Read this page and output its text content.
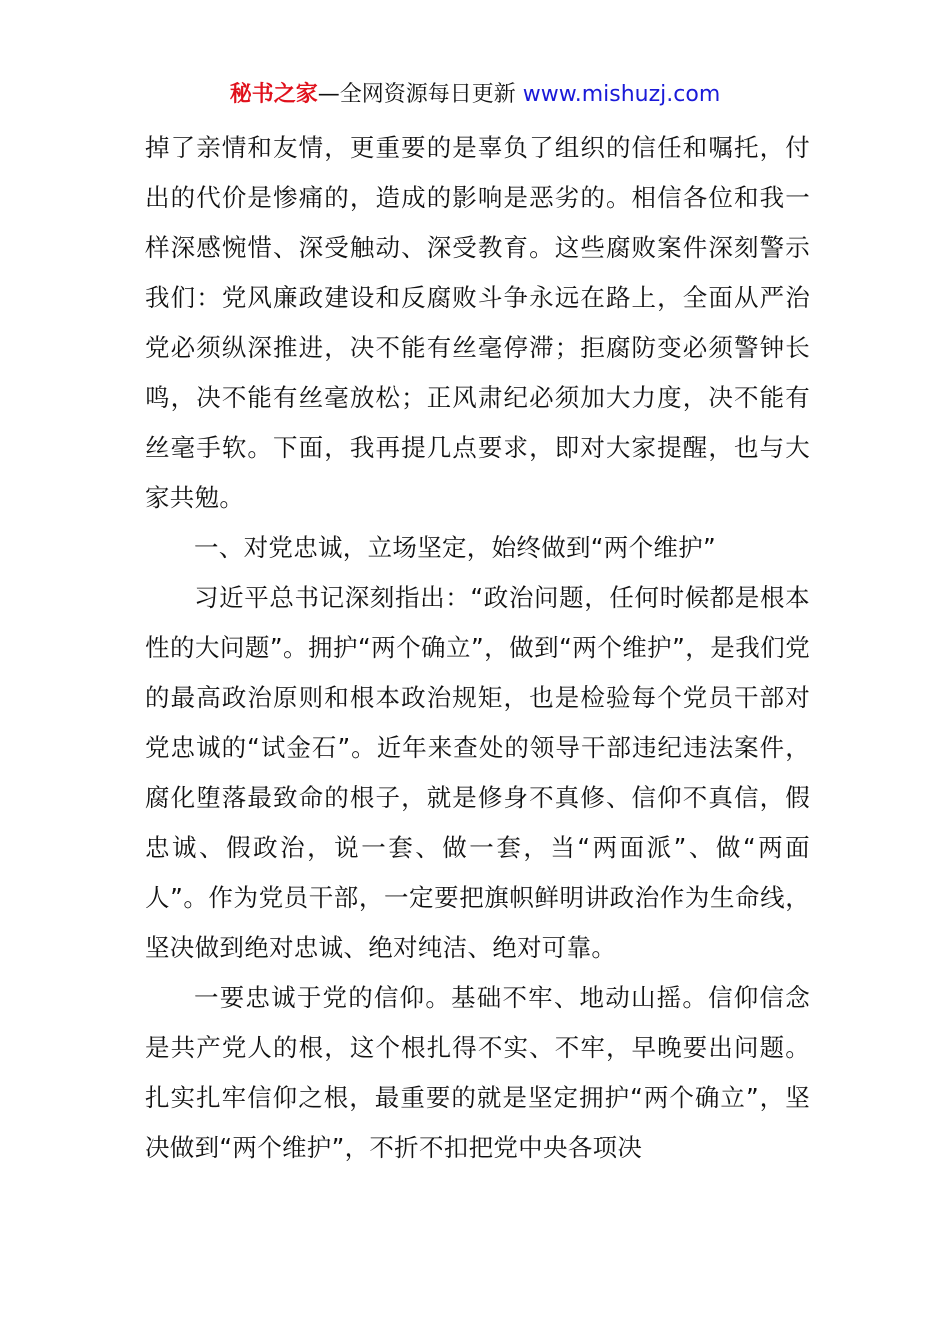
秘书之家—全网资源每日更新 www.mishuzj.com

掉了亲情和友情，更重要的是辜负了组织的信任和嘱托，付出的代价是惨痛的，造成的影响是恶劣的。相信各位和我一样深感惋惜、深受触动、深受教育。这些腐败案件深刻警示我们：党风廉政建设和反腐败斗争永远在路上，全面从严治党必须纵深推进，决不能有丝毫停滞；拒腐防变必须警钟长鸣，决不能有丝毫放松；正风肃纪必须加大力度，决不能有丝毫手软。下面，我再提几点要求，即对大家提醒，也与大家共勉。

一、对党忠诚，立场坚定，始终做到“两个维护”

习近平总书记深刻指出：“政治问题，任何时候都是根本性的大问题”。拥护“两个确立”，做到“两个维护”，是我们党的最高政治原则和根本政治规矩，也是检验每个党员干部对党忠诚的“试金石”。近年来查处的领导干部违纪违法案件，腐化堕落最致命的根子，就是修身不真修、信仰不真信，假忠诚、假政治，说一套、做一套，当“两面派”、做“两面人”。作为党员干部，一定要把旗帜鲜明讲政治作为生命线，坚决做到绝对忠诚、绝对纯洁、绝对可靠。

一要忠诚于党的信仰。基础不牢、地动山摇。信仰信念是共产党人的根，这个根扎得不实、不牢，早晚要出问题。扎实扎牢信仰之根，最重要的就是坚定拥护“两个确立”，坚决做到“两个维护”，不折不扣把党中央各项决
